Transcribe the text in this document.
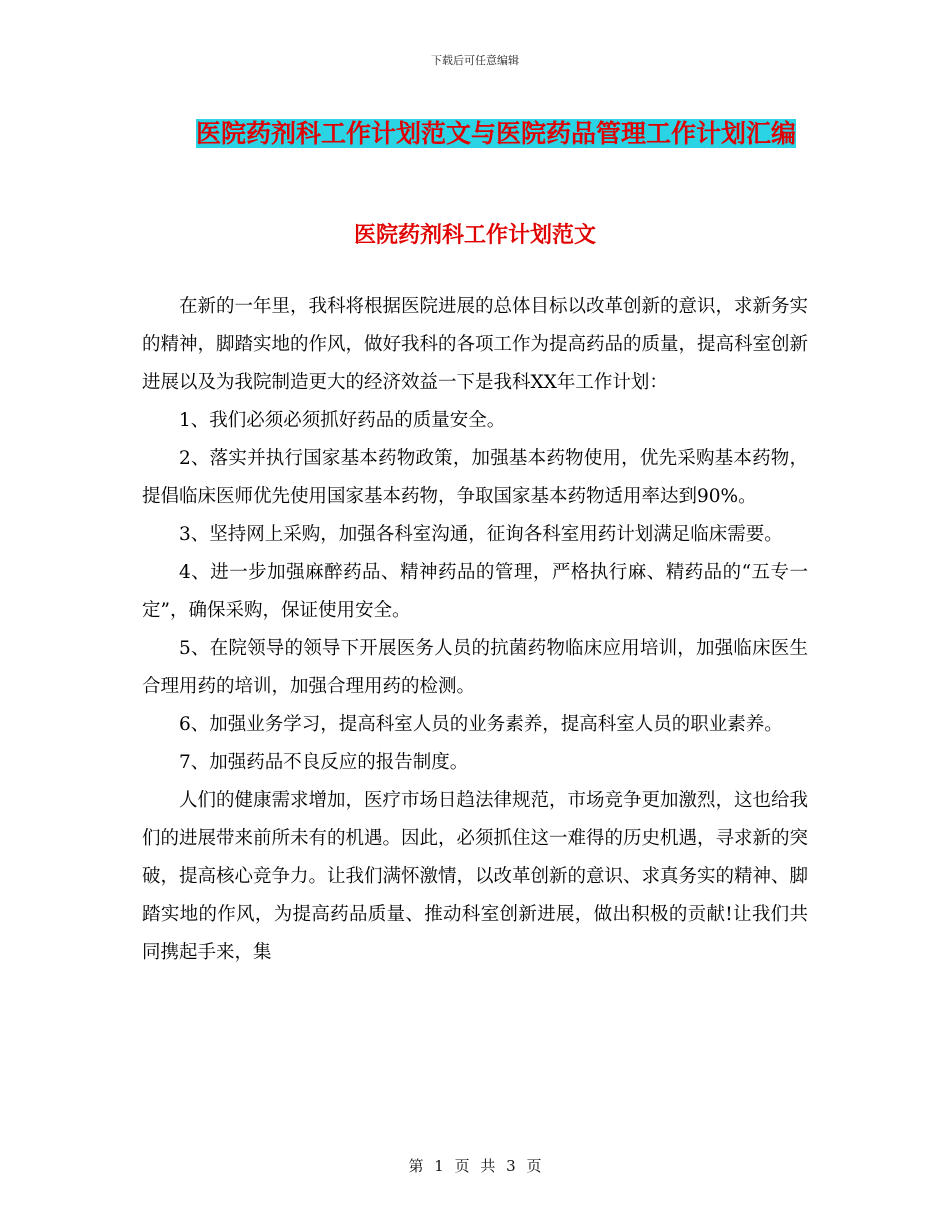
下载后可任意编辑
医院药剂科工作计划范文与医院药品管理工作计划汇编
医院药剂科工作计划范文

在新的一年里，我科将根据医院进展的总体目标以改革创新的意识，求新务实的精神，脚踏实地的作风，做好我科的各项工作为提高药品的质量，提高科室创新进展以及为我院制造更大的经济效益一下是我科XX年工作计划：

1、我们必须必须抓好药品的质量安全。

2、落实并执行国家基本药物政策，加强基本药物使用，优先采购基本药物，提倡临床医师优先使用国家基本药物，争取国家基本药物适用率达到90%。

3、坚持网上采购，加强各科室沟通，征询各科室用药计划满足临床需要。

4、进一步加强麻醉药品、精神药品的管理，严格执行麻、精药品的“五专一定”，确保采购，保证使用安全。

5、在院领导的领导下开展医务人员的抗菌药物临床应用培训，加强临床医生合理用药的培训，加强合理用药的检测。

6、加强业务学习，提高科室人员的业务素养，提高科室人员的职业素养。

7、加强药品不良反应的报告制度。

人们的健康需求增加，医疗市场日趋法律规范，市场竞争更加激烈，这也给我们的进展带来前所未有的机遇。因此，必须抓住这一难得的历史机遇，寻求新的突破，提高核心竞争力。让我们满怀激情，以改革创新的意识、求真务实的精神、脚踏实地的作风，为提高药品质量、推动科室创新进展，做出积极的贡献!让我们共同携起手来，集

第 1 页 共 3 页
